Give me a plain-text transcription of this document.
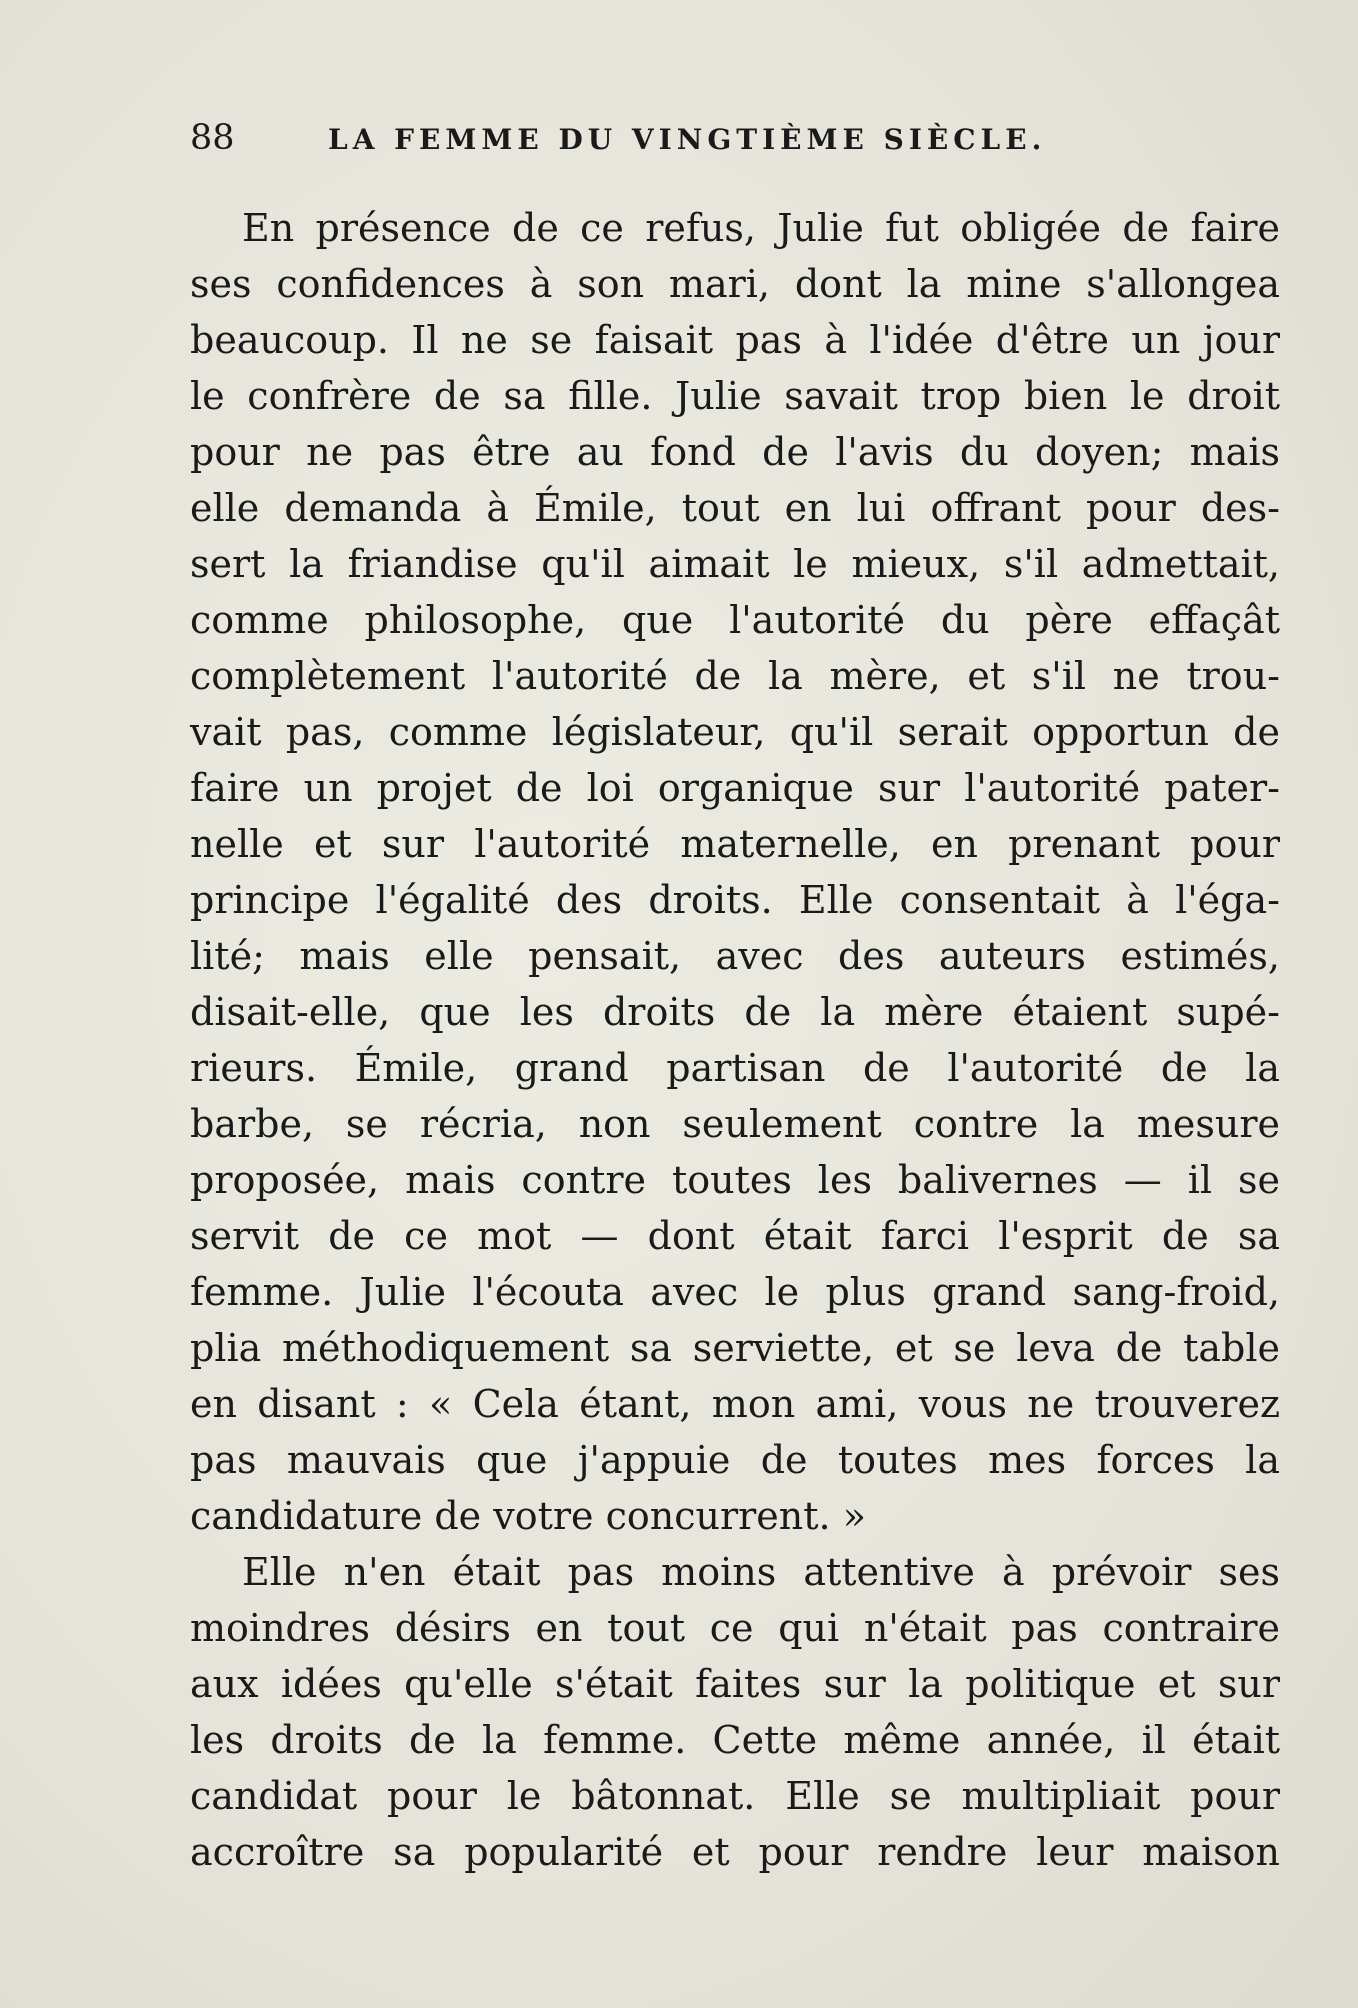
88	LA FEMME DU VINGTIÈME SIÈCLE.
En présence de ce refus, Julie fut obligée de faire
ses confidences à son mari, dont la mine s'allongea
beaucoup. Il ne se faisait pas à l'idée d'être un jour
le confrère de sa fille. Julie savait trop bien le droit
pour ne pas être au fond de l'avis du doyen; mais
elle demanda à Émile, tout en lui offrant pour des-
sert la friandise qu'il aimait le mieux, s'il admettait,
comme philosophe, que l'autorité du père effaçât
complètement l'autorité de la mère, et s'il ne trou-
vait pas, comme législateur, qu'il serait opportun de
faire un projet de loi organique sur l'autorité pater-
nelle et sur l'autorité maternelle, en prenant pour
principe l'égalité des droits. Elle consentait à l'éga-
lité; mais elle pensait, avec des auteurs estimés,
disait-elle, que les droits de la mère étaient supé-
rieurs. Émile, grand partisan de l'autorité de la
barbe, se récria, non seulement contre la mesure
proposée, mais contre toutes les balivernes — il se
servit de ce mot — dont était farci l'esprit de sa
femme. Julie l'écouta avec le plus grand sang-froid,
plia méthodiquement sa serviette, et se leva de table
en disant : « Cela étant, mon ami, vous ne trouverez
pas mauvais que j'appuie de toutes mes forces la
candidature de votre concurrent. »
Elle n'en était pas moins attentive à prévoir ses
moindres désirs en tout ce qui n'était pas contraire
aux idées qu'elle s'était faites sur la politique et sur
les droits de la femme. Cette même année, il était
candidat pour le bâtonnat. Elle se multipliait pour
accroître sa popularité et pour rendre leur maison
